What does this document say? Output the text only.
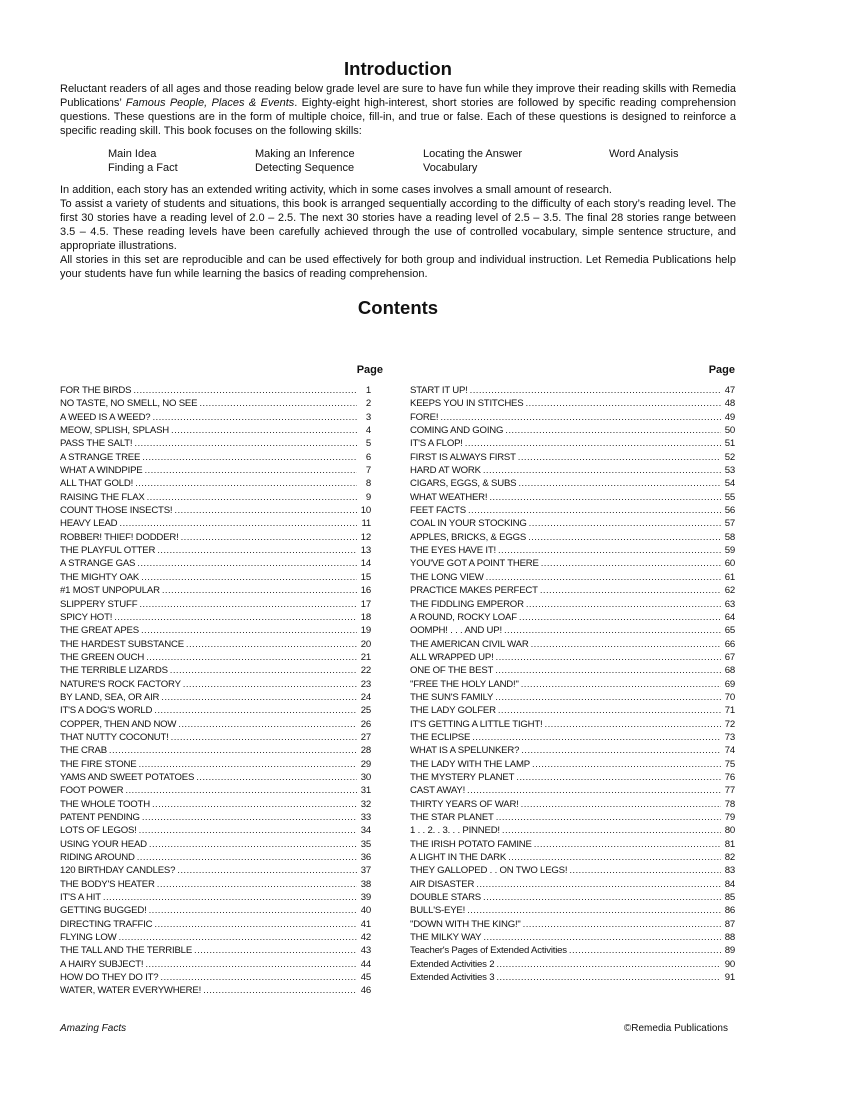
Introduction

Reluctant readers of all ages and those reading below grade level are sure to have fun while they improve their reading skills with Remedia Publications’ Famous People, Places & Events. Eighty-eight high-interest, short stories are followed by specific reading comprehension questions. These questions are in the form of multiple choice, fill-in, and true or false. Each of these questions is designed to reinforce a specific reading skill. This book focuses on the following skills:

Main Idea	Making an Inference	Locating the Answer	Word Analysis
Finding a Fact	Detecting Sequence	Vocabulary

In addition, each story has an extended writing activity, which in some cases involves a small amount of research.

To assist a variety of students and situations, this book is arranged sequentially according to the difficulty of each story’s reading level. The first 30 stories have a reading level of 2.0 – 2.5. The next 30 stories have a reading level of 2.5 – 3.5. The final 28 stories range between 3.5 – 4.5. These reading levels have been carefully achieved through the use of controlled vocabulary, simple sentence structure, and appropriate illustrations.

All stories in this set are reproducible and can be used effectively for both group and individual instruction. Let Remedia Publications help your students have fun while learning the basics of reading comprehension.

Contents
Page
FOR THE BIRDS .....	1
NO TASTE, NO SMELL, NO SEE .....	2
A WEED IS A WEED? .....	3
MEOW, SPLISH, SPLASH .....	4
PASS THE SALT! .....	5
A STRANGE TREE .....	6
WHAT A WINDPIPE .....	7
ALL THAT GOLD! .....	8
RAISING THE FLAX .....	9
COUNT THOSE INSECTS! .....	10
HEAVY LEAD .....	11
ROBBER! THIEF! DODDER! .....	12
THE PLAYFUL OTTER .....	13
A STRANGE GAS .....	14
THE MIGHTY OAK .....	15
#1 MOST UNPOPULAR .....	16
SLIPPERY STUFF .....	17
SPICY HOT! .....	18
THE GREAT APES .....	19
THE HARDEST SUBSTANCE .....	20
THE GREEN OUCH .....	21
THE TERRIBLE LIZARDS .....	22
NATURE'S ROCK FACTORY .....	23
BY LAND, SEA, OR AIR .....	24
IT'S A DOG'S WORLD .....	25
COPPER, THEN AND NOW .....	26
THAT NUTTY COCONUT! .....	27
THE CRAB .....	28
THE FIRE STONE .....	29
YAMS AND SWEET POTATOES .....	30
FOOT POWER .....	31
THE WHOLE TOOTH .....	32
PATENT PENDING .....	33
LOTS OF LEGOS! .....	34
USING YOUR HEAD .....	35
RIDING AROUND .....	36
120 BIRTHDAY CANDLES? .....	37
THE BODY'S HEATER .....	38
IT'S A HIT .....	39
GETTING BUGGED! .....	40
DIRECTING TRAFFIC .....	41
FLYING LOW .....	42
THE TALL AND THE TERRIBLE .....	43
A HAIRY SUBJECT! .....	44
HOW DO THEY DO IT? .....	45
WATER, WATER EVERYWHERE! .....	46
Page
START IT UP! .....	47
KEEPS YOU IN STITCHES .....	48
FORE! .....	49
COMING AND GOING .....	50
IT'S A FLOP! .....	51
FIRST IS ALWAYS FIRST .....	52
HARD AT WORK .....	53
CIGARS, EGGS, & SUBS .....	54
WHAT WEATHER! .....	55
FEET FACTS .....	56
COAL IN YOUR STOCKING .....	57
APPLES, BRICKS, & EGGS .....	58
THE EYES HAVE IT! .....	59
YOU'VE GOT A POINT THERE .....	60
THE LONG VIEW .....	61
PRACTICE MAKES PERFECT .....	62
THE FIDDLING EMPEROR .....	63
A ROUND, ROCKY LOAF .....	64
OOMPH! . . . AND UP! .....	65
THE AMERICAN CIVIL WAR .....	66
ALL WRAPPED UP! .....	67
ONE OF THE BEST .....	68
"FREE THE HOLY LAND!" .....	69
THE SUN'S FAMILY .....	70
THE LADY GOLFER .....	71
IT'S GETTING A LITTLE TIGHT! .....	72
THE ECLIPSE .....	73
WHAT IS A SPELUNKER? .....	74
THE LADY WITH THE LAMP .....	75
THE MYSTERY PLANET .....	76
CAST AWAY! .....	77
THIRTY YEARS OF WAR! .....	78
THE STAR PLANET .....	79
1 . . 2. . 3. . . PINNED! .....	80
THE IRISH POTATO FAMINE .....	81
A LIGHT IN THE DARK .....	82
THEY GALLOPED . . ON TWO LEGS! .....	83
AIR DISASTER .....	84
DOUBLE STARS .....	85
BULL'S-EYE! .....	86
"DOWN WITH THE KING!" .....	87
THE MILKY WAY .....	88
Teacher's Pages of Extended Activities .....	89
Extended Activities 2 .....	90
Extended Activities 3 .....	91
Amazing Facts	©Remedia Publications
